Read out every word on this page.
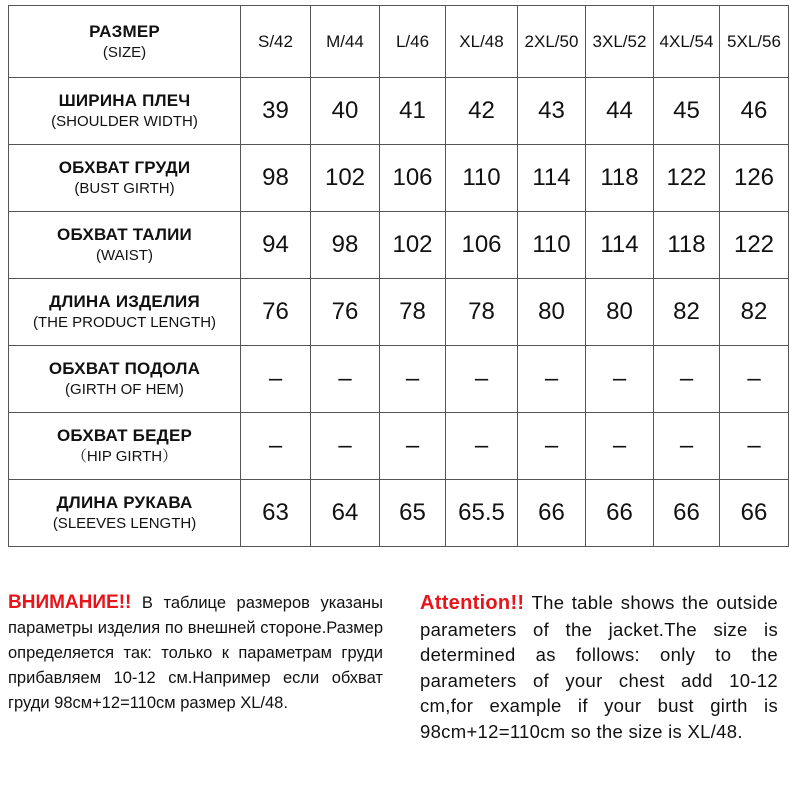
РАЗМЕР
(SIZE)	S/42	M/44	L/46	XL/48	2XL/50	3XL/52	4XL/54	5XL/56

ШИРИНА ПЛЕЧ
(SHOULDER WIDTH)	39	40	41	42	43	44	45	46

ОБХВАТ ГРУДИ
(BUST GIRTH)	98	102	106	110	114	118	122	126

ОБХВАТ ТАЛИИ
(WAIST)	94	98	102	106	110	114	118	122

ДЛИНА ИЗДЕЛИЯ
(THE PRODUCT LENGTH)	76	76	78	78	80	80	82	82

ОБХВАТ ПОДОЛА
(GIRTH OF HEM)	–	–	–	–	–	–	–	–

ОБХВАТ БЕДЕР
（HIP GIRTH）	–	–	–	–	–	–	–	–

ДЛИНА РУКАВА
(SLEEVES LENGTH)	63	64	65	65.5	66	66	66	66
ВНИМАНИЕ!! В таблице размеров указаны параметры изделия по внешней стороне.Размер определяется так: только к параметрам груди прибавляем 10-12 см.Например если обхват груди 98см+12=110см размер XL/48.
Attention!! The table shows the outside parameters of the jacket.The size is determined as follows: only to the parameters of your chest add 10-12 cm,for example if your bust girth is 98cm+12=110cm so the size is XL/48.
